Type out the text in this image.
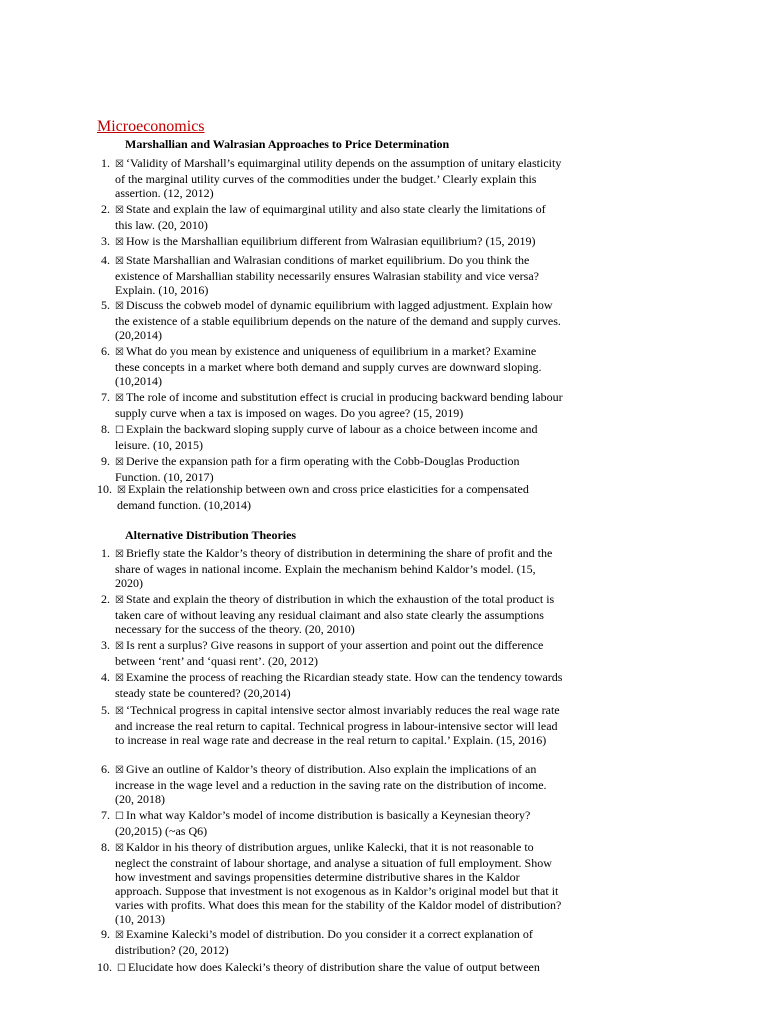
Microeconomics
Marshallian and Walrasian Approaches to Price Determination
1. ☒ ‘Validity of Marshall’s equimarginal utility depends on the assumption of unitary elasticity of the marginal utility curves of the commodities under the budget.’ Clearly explain this assertion. (12, 2012)
2. ☒ State and explain the law of equimarginal utility and also state clearly the limitations of this law. (20, 2010)
3. ☒ How is the Marshallian equilibrium different from Walrasian equilibrium? (15, 2019)
4. ☒ State Marshallian and Walrasian conditions of market equilibrium. Do you think the existence of Marshallian stability necessarily ensures Walrasian stability and vice versa? Explain. (10, 2016)
5. ☒ Discuss the cobweb model of dynamic equilibrium with lagged adjustment. Explain how the existence of a stable equilibrium depends on the nature of the demand and supply curves. (20,2014)
6. ☒ What do you mean by existence and uniqueness of equilibrium in a market? Examine these concepts in a market where both demand and supply curves are downward sloping. (10,2014)
7. ☒ The role of income and substitution effect is crucial in producing backward bending labour supply curve when a tax is imposed on wages. Do you agree? (15, 2019)
8. ☐ Explain the backward sloping supply curve of labour as a choice between income and leisure. (10, 2015)
9. ☒ Derive the expansion path for a firm operating with the Cobb-Douglas Production Function. (10, 2017)
10. ☒ Explain the relationship between own and cross price elasticities for a compensated demand function. (10,2014)
Alternative Distribution Theories
1. ☒ Briefly state the Kaldor’s theory of distribution in determining the share of profit and the share of wages in national income. Explain the mechanism behind Kaldor’s model. (15, 2020)
2. ☒ State and explain the theory of distribution in which the exhaustion of the total product is taken care of without leaving any residual claimant and also state clearly the assumptions necessary for the success of the theory. (20, 2010)
3. ☒ Is rent a surplus? Give reasons in support of your assertion and point out the difference between ‘rent’ and ‘quasi rent’. (20, 2012)
4. ☒ Examine the process of reaching the Ricardian steady state. How can the tendency towards steady state be countered? (20,2014)
5. ☒ ‘Technical progress in capital intensive sector almost invariably reduces the real wage rate and increase the real return to capital. Technical progress in labour-intensive sector will lead to increase in real wage rate and decrease in the real return to capital.’ Explain. (15, 2016)
6. ☒ Give an outline of Kaldor’s theory of distribution. Also explain the implications of an increase in the wage level and a reduction in the saving rate on the distribution of income. (20, 2018)
7. ☐ In what way Kaldor’s model of income distribution is basically a Keynesian theory? (20,2015) (~as Q6)
8. ☒ Kaldor in his theory of distribution argues, unlike Kalecki, that it is not reasonable to neglect the constraint of labour shortage, and analyse a situation of full employment. Show how investment and savings propensities determine distributive shares in the Kaldor approach. Suppose that investment is not exogenous as in Kaldor’s original model but that it varies with profits. What does this mean for the stability of the Kaldor model of distribution? (10, 2013)
9. ☒ Examine Kalecki’s model of distribution. Do you consider it a correct explanation of distribution? (20, 2012)
10. ☐ Elucidate how does Kalecki’s theory of distribution share the value of output between
